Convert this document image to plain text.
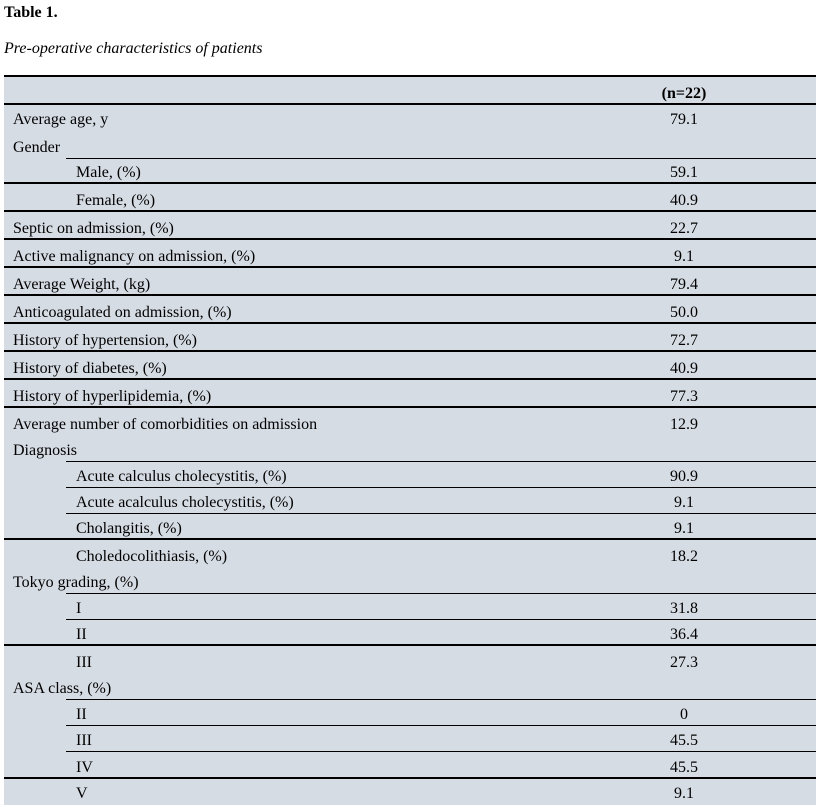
Table 1.
Pre-operative characteristics of patients
(n=22)
Average age, y	79.1
Gender
Male, (%)	59.1
Female, (%)	40.9
Septic on admission, (%)	22.7
Active malignancy on admission, (%)	9.1
Average Weight, (kg)	79.4
Anticoagulated on admission, (%)	50.0
History of hypertension, (%)	72.7
History of diabetes, (%)	40.9
History of hyperlipidemia, (%)	77.3
Average number of comorbidities on admission	12.9
Diagnosis
Acute calculus cholecystitis, (%)	90.9
Acute acalculus cholecystitis, (%)	9.1
Cholangitis, (%)	9.1
Choledocolithiasis, (%)	18.2
Tokyo grading, (%)
I	31.8
II	36.4
III	27.3
ASA class, (%)
II	0
III	45.5
IV	45.5
V	9.1
